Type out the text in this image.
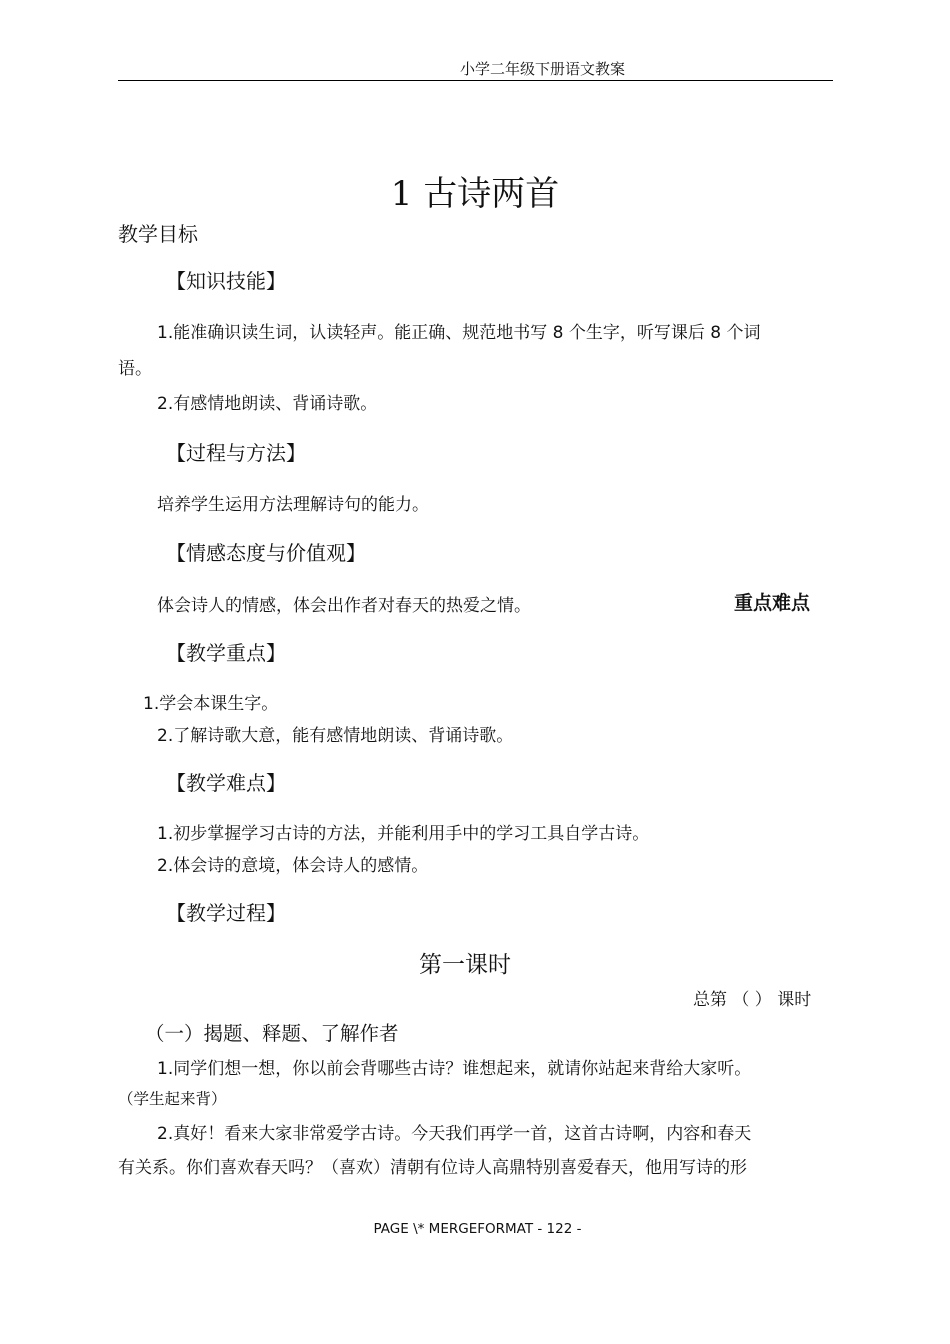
小学二年级下册语文教案
1 古诗两首
教学目标
【知识技能】
1.能准确识读生词，认读轻声。能正确、规范地书写 8 个生字，听写课后 8 个词
语。
2.有感情地朗读、背诵诗歌。
【过程与方法】
培养学生运用方法理解诗句的能力。
【情感态度与价值观】
体会诗人的情感，体会出作者对春天的热爱之情。	重点难点
【教学重点】
1.学会本课生字。
2.了解诗歌大意，能有感情地朗读、背诵诗歌。
【教学难点】
1.初步掌握学习古诗的方法，并能利用手中的学习工具自学古诗。
2.体会诗的意境，体会诗人的感情。
【教学过程】
第一课时
总第 （ ） 课时
（一）揭题、释题、了解作者
1.同学们想一想，你以前会背哪些古诗？谁想起来，就请你站起来背给大家听。
（学生起来背）
2.真好！看来大家非常爱学古诗。今天我们再学一首，这首古诗啊，内容和春天
有关系。你们喜欢春天吗？（喜欢）清朝有位诗人高鼎特别喜爱春天，他用写诗的形
PAGE \* MERGEFORMAT - 122 -
